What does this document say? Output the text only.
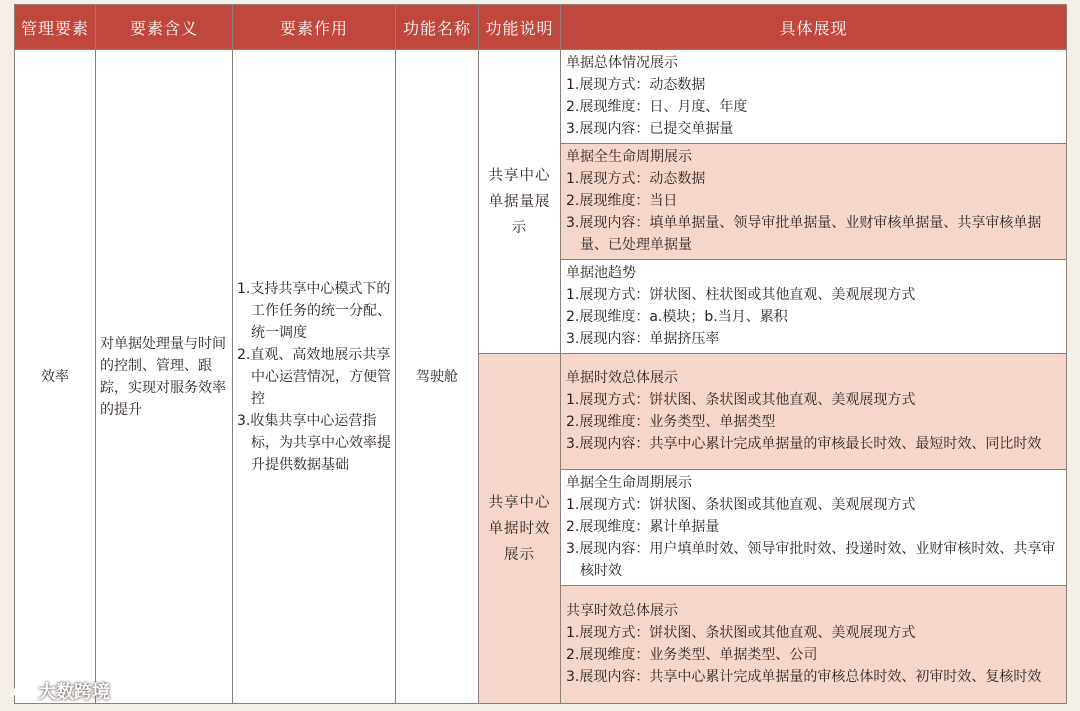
管理要素	要素含义	要素作用	功能名称	功能说明	具体展现
效率	对单据处理量与时间的控制、管理、跟踪，实现对服务效率的提升	1.支持共享中心模式下的工作任务的统一分配、统一调度
2.直观、高效地展示共享中心运营情况，方便管控
3.收集共享中心运营指标，为共享中心效率提升提供数据基础	驾驶舱	共享中心单据量展示	单据总体情况展示
1.展现方式：动态数据
2.展现维度：日、月度、年度
3.展现内容：已提交单据量

					单据全生命周期展示
1.展现方式：动态数据
2.展现维度：当日
3.展现内容：填单单据量、领导审批单据量、业财审核单据量、共享审核单据量、已处理单据量

					单据池趋势
1.展现方式：饼状图、柱状图或其他直观、美观展现方式
2.展现维度：a.模块；b.当月、累积
3.展现内容：单据挤压率

				共享中心单据时效展示	单据时效总体展示
1.展现方式：饼状图、条状图或其他直观、美观展现方式
2.展现维度：业务类型、单据类型
3.展现内容：共享中心累计完成单据量的审核最长时效、最短时效、同比时效

					单据全生命周期展示
1.展现方式：饼状图、条状图或其他直观、美观展现方式
2.展现维度：累计单据量
3.展现内容：用户填单时效、领导审批时效、投递时效、业财审核时效、共享审核时效

					共享时效总体展示
1.展现方式：饼状图、条状图或其他直观、美观展现方式
2.展现维度：业务类型、单据类型、公司
3.展现内容：共享中心累计完成单据量的审核总体时效、初审时效、复核时效
大数跨境
